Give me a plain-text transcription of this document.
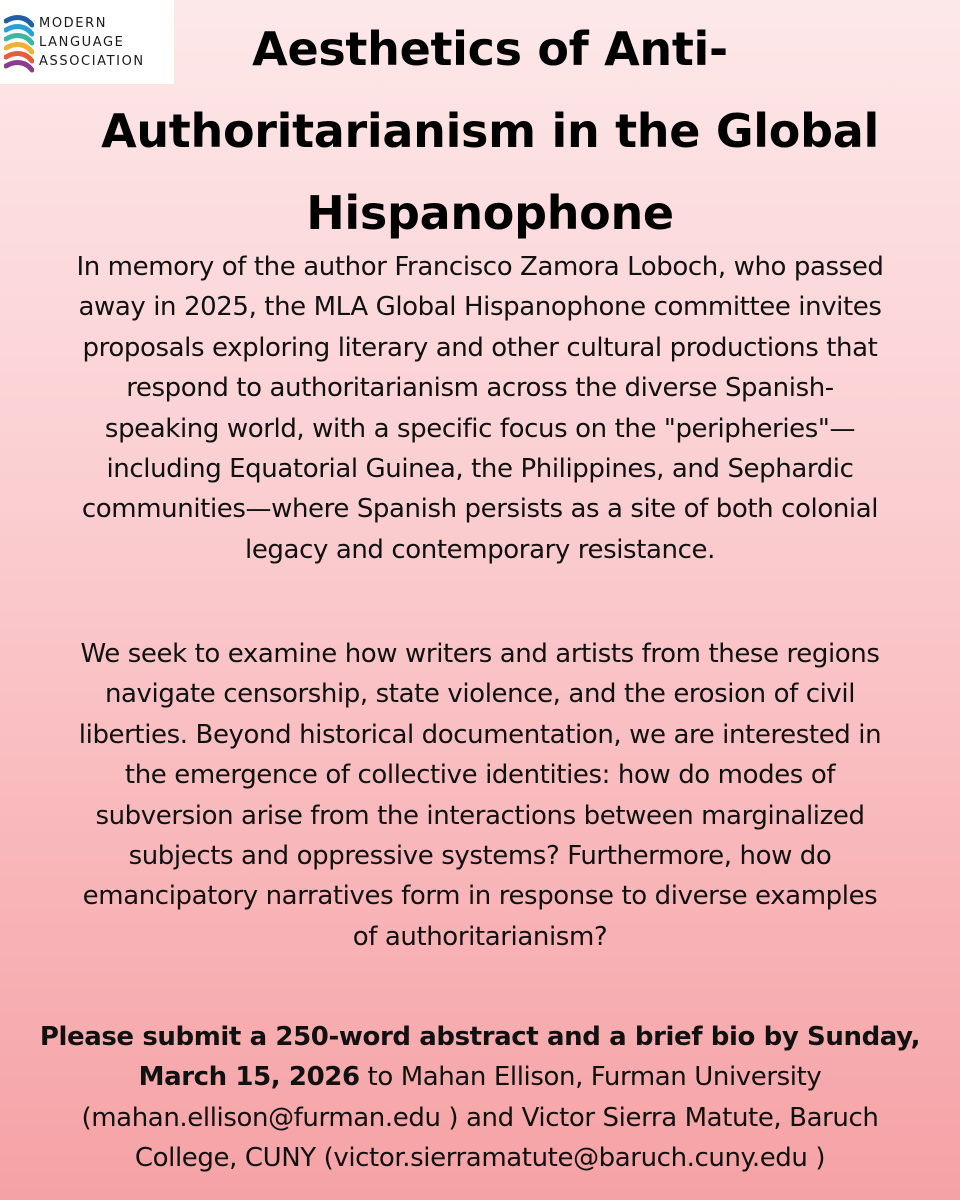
MODERN
LANGUAGE
ASSOCIATION	Aesthetics of Anti-
Authoritarianism in the Global
Hispanophone

In memory of the author Francisco Zamora Loboch, who passed
away in 2025, the MLA Global Hispanophone committee invites
proposals exploring literary and other cultural productions that
respond to authoritarianism across the diverse Spanish-
speaking world, with a specific focus on the "peripheries"—
including Equatorial Guinea, the Philippines, and Sephardic
communities—where Spanish persists as a site of both colonial
legacy and contemporary resistance.

We seek to examine how writers and artists from these regions
navigate censorship, state violence, and the erosion of civil
liberties. Beyond historical documentation, we are interested in
the emergence of collective identities: how do modes of
subversion arise from the interactions between marginalized
subjects and oppressive systems? Furthermore, how do
emancipatory narratives form in response to diverse examples
of authoritarianism?

Please submit a 250-word abstract and a brief bio by Sunday,
March 15, 2026 to Mahan Ellison, Furman University
(mahan.ellison@furman.edu ) and Victor Sierra Matute, Baruch
College, CUNY (victor.sierramatute@baruch.cuny.edu )
